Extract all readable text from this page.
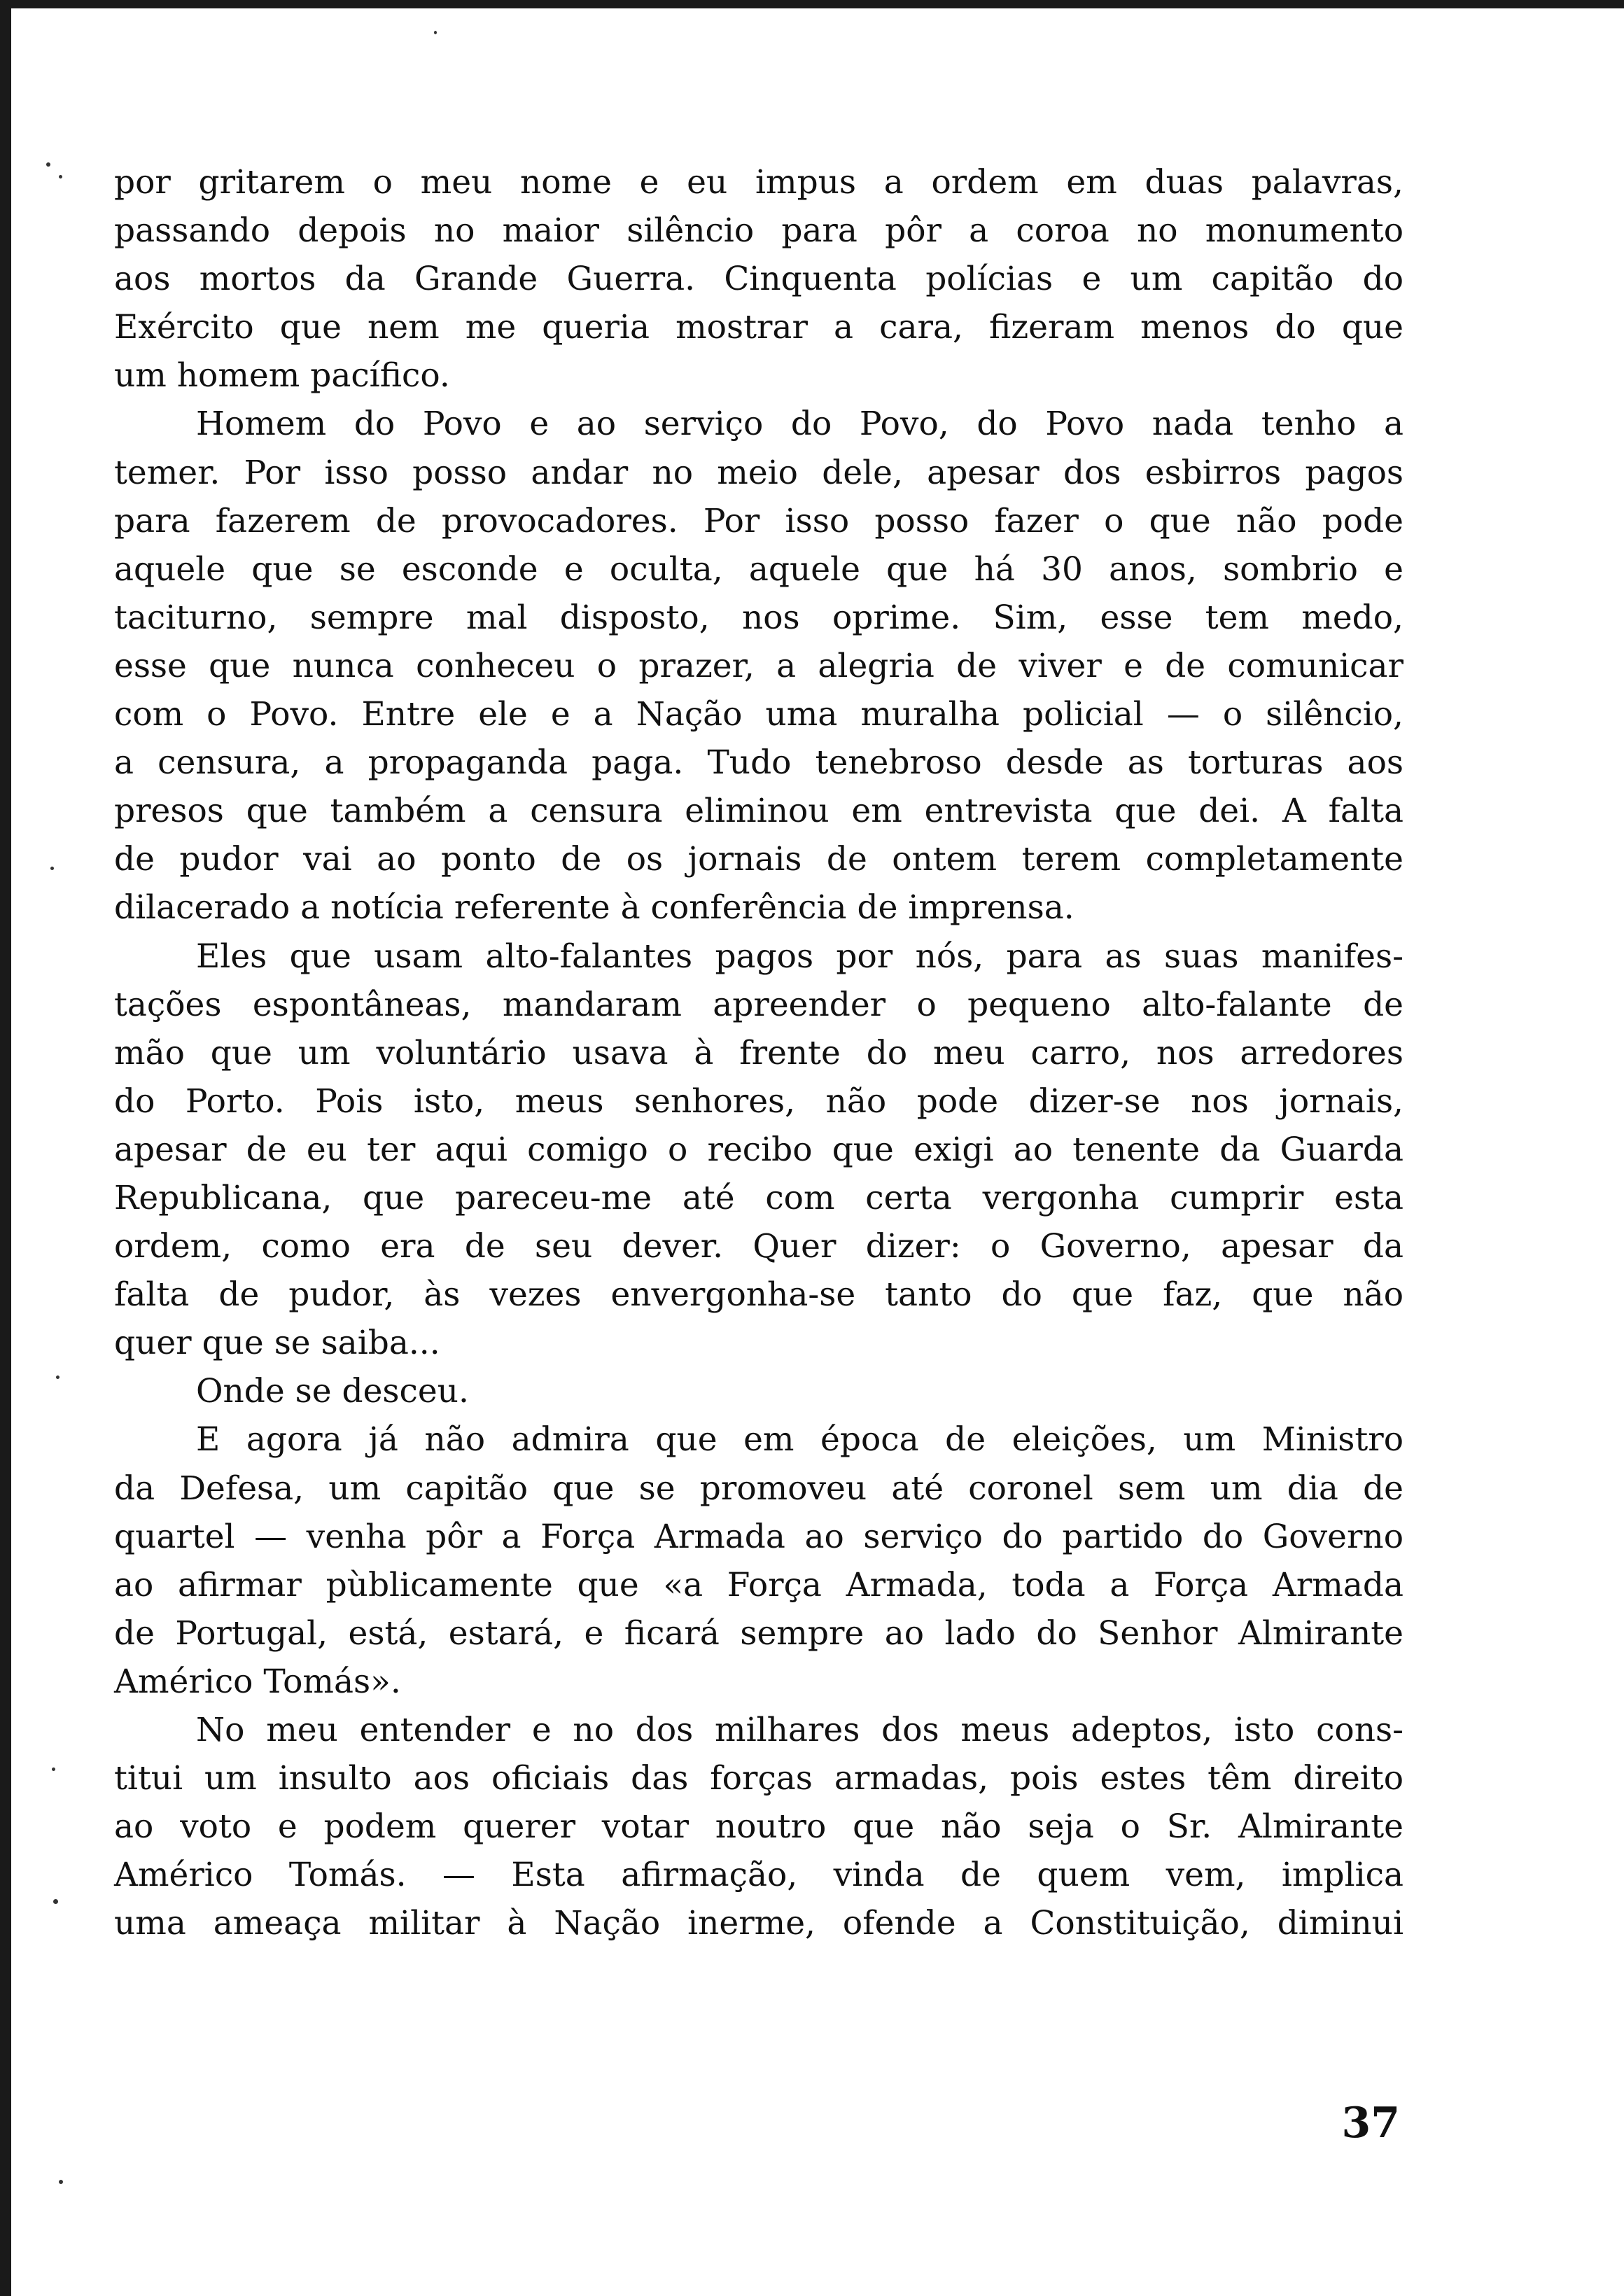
por gritarem o meu nome e eu impus a ordem em duas palavras,
passando depois no maior silêncio para pôr a coroa no monumento
aos mortos da Grande Guerra. Cinquenta polícias e um capitão do
Exército que nem me queria mostrar a cara, fizeram menos do que
um homem pacífico.
Homem do Povo e ao serviço do Povo, do Povo nada tenho a
temer. Por isso posso andar no meio dele, apesar dos esbirros pagos
para fazerem de provocadores. Por isso posso fazer o que não pode
aquele que se esconde e oculta, aquele que há 30 anos, sombrio e
taciturno, sempre mal disposto, nos oprime. Sim, esse tem medo,
esse que nunca conheceu o prazer, a alegria de viver e de comunicar
com o Povo. Entre ele e a Nação uma muralha policial — o silêncio,
a censura, a propaganda paga. Tudo tenebroso desde as torturas aos
presos que também a censura eliminou em entrevista que dei. A falta
de pudor vai ao ponto de os jornais de ontem terem completamente
dilacerado a notícia referente à conferência de imprensa.
Eles que usam alto-falantes pagos por nós, para as suas manifes-
tações espontâneas, mandaram apreender o pequeno alto-falante de
mão que um voluntário usava à frente do meu carro, nos arredores
do Porto. Pois isto, meus senhores, não pode dizer-se nos jornais,
apesar de eu ter aqui comigo o recibo que exigi ao tenente da Guarda
Republicana, que pareceu-me até com certa vergonha cumprir esta
ordem, como era de seu dever. Quer dizer: o Governo, apesar da
falta de pudor, às vezes envergonha-se tanto do que faz, que não
quer que se saiba...
Onde se desceu.
E agora já não admira que em época de eleições, um Ministro
da Defesa, um capitão que se promoveu até coronel sem um dia de
quartel — venha pôr a Força Armada ao serviço do partido do Governo
ao afirmar pùblicamente que «a Força Armada, toda a Força Armada
de Portugal, está, estará, e ficará sempre ao lado do Senhor Almirante
Américo Tomás».
No meu entender e no dos milhares dos meus adeptos, isto cons-
titui um insulto aos oficiais das forças armadas, pois estes têm direito
ao voto e podem querer votar noutro que não seja o Sr. Almirante
Américo Tomás. — Esta afirmação, vinda de quem vem, implica
uma ameaça militar à Nação inerme, ofende a Constituição, diminui
37
